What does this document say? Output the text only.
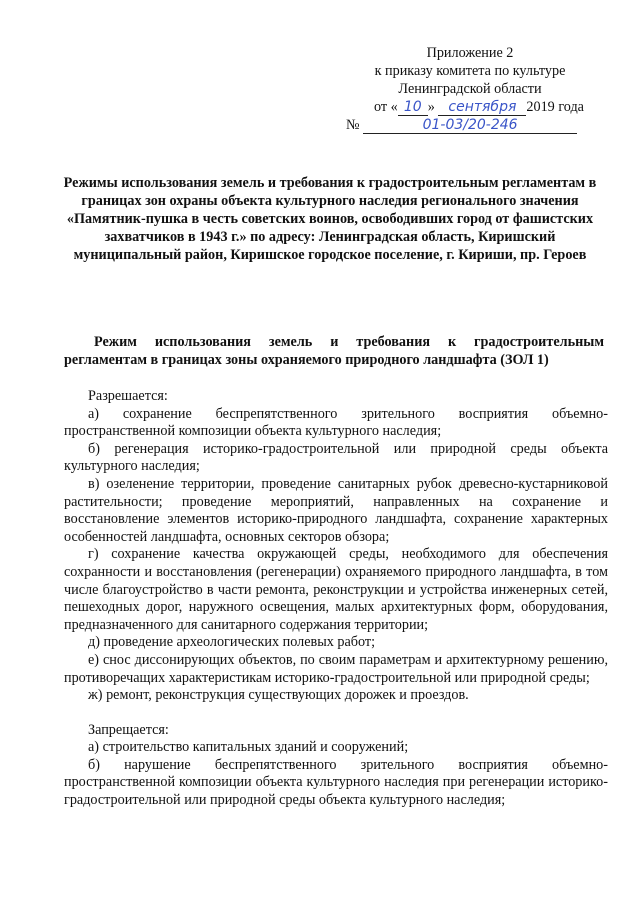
Приложение 2
к приказу комитета по культуре
Ленинградской области
от « 10 » сентября 2019 года
№	01-03/20-246
Режимы использования земель и требования к градостроительным регламентам в границах зон охраны объекта культурного наследия регионального значения «Памятник-пушка в честь советских воинов, освободивших город от фашистских захватчиков в 1943 г.» по адресу: Ленинградская область, Киришский муниципальный район, Киришское городское поселение, г. Кириши, пр. Героев
Режим использования земель и требования к градостроительным регламентам в границах зоны охраняемого природного ландшафта (ЗОЛ 1)

Разрешается:

а) сохранение беспрепятственного зрительного восприятия объемно-пространственной композиции объекта культурного наследия;

б) регенерация историко-градостроительной или природной среды объекта культурного наследия;

в) озеленение территории, проведение санитарных рубок древесно-кустарниковой растительности; проведение мероприятий, направленных на сохранение и восстановление элементов историко-природного ландшафта, сохранение характерных особенностей ландшафта, основных секторов обзора;

г) сохранение качества окружающей среды, необходимого для обеспечения сохранности и восстановления (регенерации) охраняемого природного ландшафта, в том числе благоустройство в части ремонта, реконструкции и устройства инженерных сетей, пешеходных дорог, наружного освещения, малых архитектурных форм, оборудования, предназначенного для санитарного содержания территории;

д) проведение археологических полевых работ;

е) снос диссонирующих объектов, по своим параметрам и архитектурному решению, противоречащих характеристикам историко-градостроительной или природной среды;

ж) ремонт, реконструкция существующих дорожек и проездов.

Запрещается:

а) строительство капитальных зданий и сооружений;

б) нарушение беспрепятственного зрительного восприятия объемно-пространственной композиции объекта культурного наследия при регенерации историко-градостроительной или природной среды объекта культурного наследия;
